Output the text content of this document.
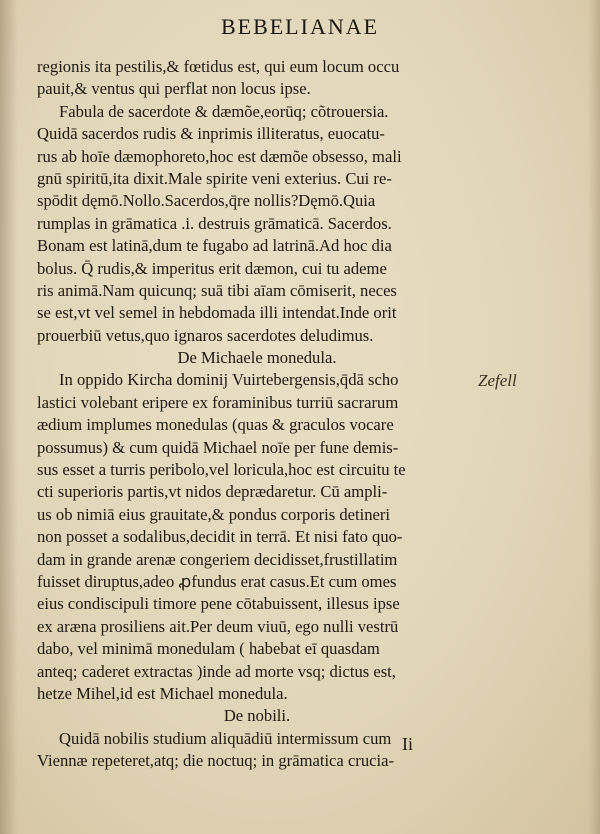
BEBELIANAE
regionis ita pestilis,& fœtidus est, qui eum locum occu
pauit,& ventus qui perflat non locus ipse.
Fabula de sacerdote & dæmõe,eorūq; cõtrouersia.
Quidā sacerdos rudis & inprimis illiteratus, euocatu-
rus ab hoīe dæmophoreto,hoc est dæmõe obsesso, mali
gnū spiritū,ita dixit.Male spirite veni exterius. Cui re-
spōdit dęmō.Nollo.Sacerdos,q̄re nollis?Dęmō.Quia
rumplas in grāmatica .i. destruis grāmaticā. Sacerdos.
Bonam est latinā,dum te fugabo ad latrinā.Ad hoc dia
bolus. Q̄ rudis,& imperitus erit dæmon, cui tu ademe
ris animā.Nam quicunq; suā tibi aīam cōmiserit, neces
se est,vt vel semel in hebdomada illi intendat.Inde orit
prouerbiū vetus,quo ignaros sacerdotes deludimus.
De Michaele monedula.
In oppido Kircha dominij Vuirtebergensis,q̄dā scho
lastici volebant eripere ex foraminibus turriū sacrarum
ædium implumes monedulas (quas & graculos vocare
possumus) & cum quidā Michael noīe per fune demis-
sus esset a turris peribolo,vel loricula,hoc est circuitu te
cti superioris partis,vt nidos deprædaretur. Cū ampli-
us ob nimiā eius grauitate,& pondus corporis detineri
non posset a sodalibus,decidit in terrā. Et nisi fato quo-
dam in grande arenæ congeriem decidisset,frustillatim
fuisset diruptus,adeo ꝓfundus erat casus.Et cum omes
eius condiscipuli timore pene cōtabuissent, illesus ipse
ex aræna prosiliens ait.Per deum viuū, ego nulli vestrū
dabo, vel minimā monedulam ( habebat eī quasdam
anteq; caderet extractas )inde ad morte vsq; dictus est,
hetze Mihel,id est Michael monedula.
De nobili.
Quidā nobilis studium aliquādiū intermissum cum
Viennæ repeteret,atq; die noctuq; in grāmatica crucia-
Zefell
Ii
